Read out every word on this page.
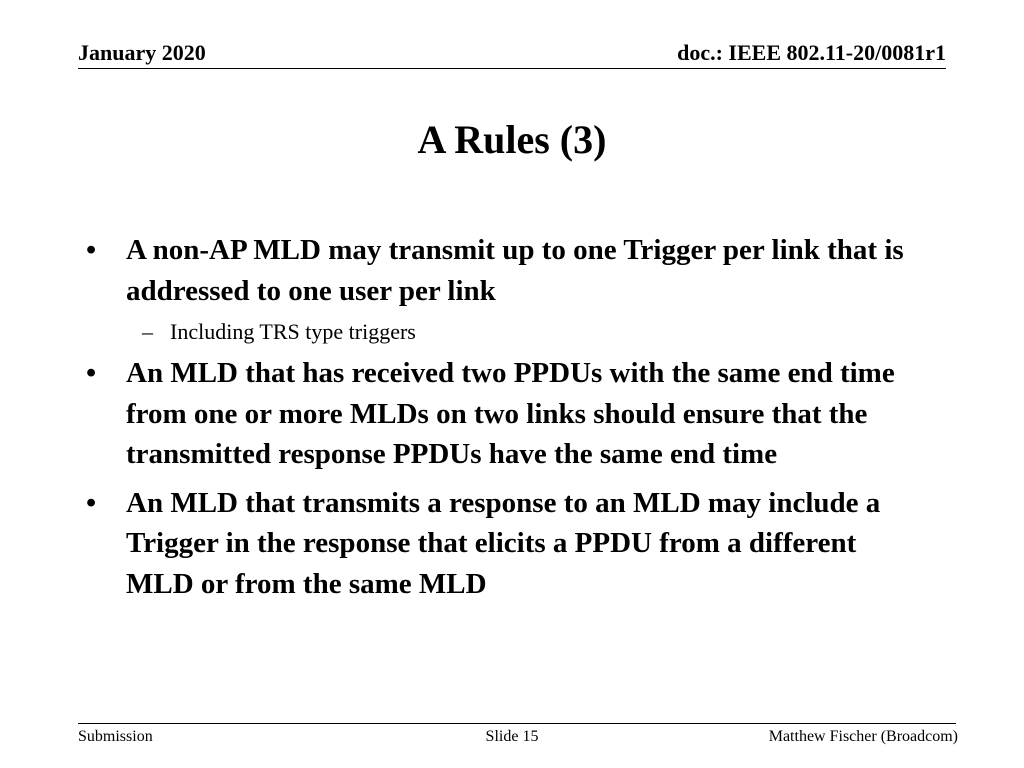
January 2020	doc.: IEEE 802.11-20/0081r1
A Rules (3)
•	A non-AP MLD may transmit up to one Trigger per link that is addressed to one user per link
– Including TRS type triggers
•	An MLD that has received two PPDUs with the same end time from one or more MLDs on two links should ensure that the transmitted response PPDUs have the same end time
•	An MLD that transmits a response to an MLD may include a Trigger in the response that elicits a PPDU from a different MLD or from the same MLD
Submission	Slide 15	Matthew Fischer (Broadcom)
